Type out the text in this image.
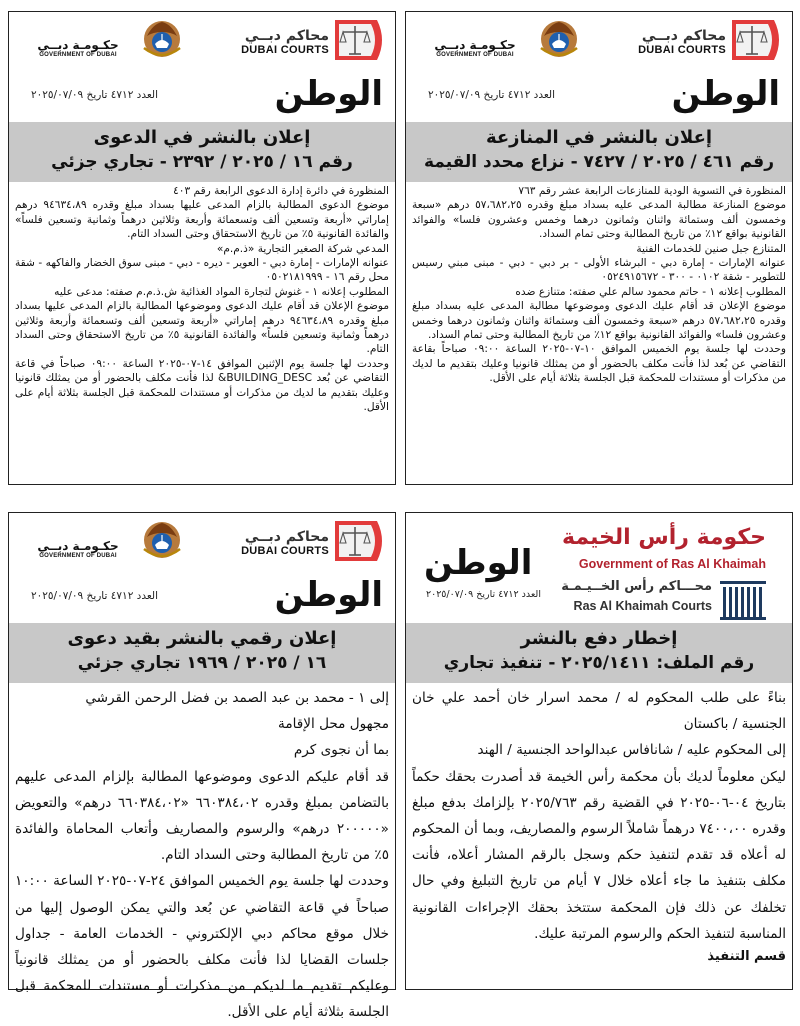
محاكم دبــي
DUBAI COURTS
حكـومـة دبــي
GOVERNMENT OF DUBAI
الوطن
العدد ٤٧١٢ تاريخ ٢٠٢٥/٠٧/٠٩
إعلان بالنشر في المنازعة
رقم ٤٦١ / ٢٠٢٥ / ٧٤٢٧ - نزاع محدد القيمة

المنظورة في التسوية الودية للمنازعات الرابعة عشر رقم ٧٦٣

موضوع المنازعة مطالبة المدعى عليه بسداد مبلغ وقدره ٥٧،٦٨٢،٢٥ درهم «سبعة وخمسون ألف وستمائة واثنان وثمانون درهما وخمس وعشرون فلسا» والفوائد القانونية بواقع ١٢٪ من تاريخ المطالبة وحتى تمام السداد.

المتنازع جبل صنين للخدمات الفنية

عنوانه الإمارات - إمارة دبي - البرشاء الأولى - بر دبي - دبي - مبنى مبني رسيس للتطوير - شقة ٠١٠٢ - ٣٠٠ - ٠٥٢٤٩١٥٦٧٢

المطلوب إعلانه ١ - حاتم محمود سالم علي صفته: متنازع ضده

موضوع الإعلان قد أقام عليك الدعوى وموضوعها مطالبة المدعى عليه بسداد مبلغ وقدره ٥٧،٦٨٢،٢٥ درهم «سبعة وخمسون ألف وستمائة واثنان وثمانون درهما وخمس وعشرون فلسا» والفوائد القانونية بواقع ١٢٪ من تاريخ المطالبة وحتى تمام السداد.

وحددت لها جلسة يوم الخميس الموافق ١٠-٠٧-٢٠٢٥ الساعة ٠٩:٠٠ صباحاً بقاعة التقاضي عن بُعد لذا فأنت مكلف بالحضور أو من يمثلك قانونيا وعليك بتقديم ما لديك من مذكرات أو مستندات للمحكمة قبل الجلسة بثلاثة أيام على الأقل.

محاكم دبــي
DUBAI COURTS
حكـومـة دبــي
GOVERNMENT OF DUBAI
الوطن
العدد ٤٧١٢ تاريخ ٢٠٢٥/٠٧/٠٩
إعلان بالنشر في الدعوى
رقم ١٦ / ٢٠٢٥ / ٢٣٩٢ - تجاري جزئي

المنظورة في دائرة إدارة الدعوى الرابعة رقم ٤٠٣

موضوع الدعوى المطالبة بالزام المدعى عليها بسداد مبلغ وقدره ٩٤٦٣٤،٨٩ درهم إماراتي «أربعة وتسعين ألف وتسعمائة وأربعة وثلاثين درهماً وثمانية وتسعين فلساً» والفائدة القانونية ٥٪ من تاريخ الاستحقاق وحتى السداد التام.

المدعي شركة الصغير التجارية «ذ.م.م»

عنوانه الإمارات - إمارة دبي - العوير - ديره - دبي - مبنى سوق الخضار والفاكهه - شقة محل رقم ١٦ - ٠٥٠٢١٨١٩٩٩

المطلوب إعلانه ١ - غنوش لتجارة المواد الغذائية ش.ذ.م.م صفته: مدعى عليه

موضوع الإعلان قد أقام عليك الدعوى وموضوعها المطالبة بالزام المدعى عليها بسداد مبلغ وقدره ٩٤٦٣٤،٨٩ درهم إماراتي «أربعة وتسعين ألف وتسعمائة وأربعة وثلاثين درهماً وثمانية وتسعين فلساً» والفائدة القانونية ٥٪ من تاريخ الاستحقاق وحتى السداد التام.

وحددت لها جلسة يوم الإثنين الموافق ١٤-٠٧-٢٠٢٥ الساعة ٠٩:٠٠ صباحاً في قاعة التقاضي عن بُعد BUILDING_DESC& لذا فأنت مكلف بالحضور أو من يمثلك قانونيا وعليك بتقديم ما لديك من مذكرات أو مستندات للمحكمة قبل الجلسة بثلاثة أيام على الأقل.

حكومة رأس الخيمة
Government of Ras Al Khaimah
محـــاكم رأس الخــيـمـة
Ras Al Khaimah Courts
الوطن
العدد ٤٧١٢ تاريخ ٢٠٢٥/٠٧/٠٩
إخطار دفع بالنشر
رقم الملف: ٢٠٢٥/١٤١١ - تنفيذ تجاري

بناءً على طلب المحكوم له / محمد اسرار خان أحمد علي خان الجنسية / باكستان

إلى المحكوم عليه / شانافاس عبدالواحد الجنسية / الهند

ليكن معلوماً لديك بأن محكمة رأس الخيمة قد أصدرت بحقك حكماً بتاريخ ٠٤-٠٦-٢٠٢٥ في القضية رقم ٢٠٢٥/٧٦٣ بإلزامك بدفع مبلغ وقدره ٧٤٠٠،٠٠ درهماً شاملاً الرسوم والمصاريف، وبما أن المحكوم له أعلاه قد تقدم لتنفيذ حكم وسجل بالرقم المشار أعلاه، فأنت مكلف بتنفيذ ما جاء أعلاه خلال ٧ أيام من تاريخ التبليغ وفي حال تخلفك عن ذلك فإن المحكمة ستتخذ بحقك الإجراءات القانونية المناسبة لتنفيذ الحكم والرسوم المرتبة عليك.

قسم التنفيذ
محاكم دبــي
DUBAI COURTS
حكـومـة دبــي
GOVERNMENT OF DUBAI
الوطن
العدد ٤٧١٢ تاريخ ٢٠٢٥/٠٧/٠٩
إعلان رقمي بالنشر بقيد دعوى
١٦ / ٢٠٢٥ / ١٩٦٩ تجاري جزئي

إلى ١ - محمد بن عبد الصمد بن فضل الرحمن القرشي

مجهول محل الإقامة

بما أن نجوى كرم

قد أقام عليكم الدعوى وموضوعها المطالبة بإلزام المدعى عليهم بالتضامن بمبلغ وقدره ٦٦٠٣٨٤،٠٢ «٦٦٠٣٨٤،٠٢ درهم» والتعويض «٢٠٠٠٠٠ درهم» والرسوم والمصاريف وأتعاب المحاماة والفائدة ٥٪ من تاريخ المطالبة وحتى السداد التام.

وحددت لها جلسة يوم الخميس الموافق ٢٤-٠٧-٢٠٢٥ الساعة ١٠:٠٠ صباحاً في قاعة التقاضي عن بُعد والتي يمكن الوصول إليها من خلال موقع محاكم دبي الإلكتروني - الخدمات العامة - جداول جلسات القضايا لذا فأنت مكلف بالحضور أو من يمثلك قانونياً وعليكم تقديم ما لديكم من مذكرات أو مستندات للمحكمة قبل الجلسة بثلاثة أيام على الأقل.
